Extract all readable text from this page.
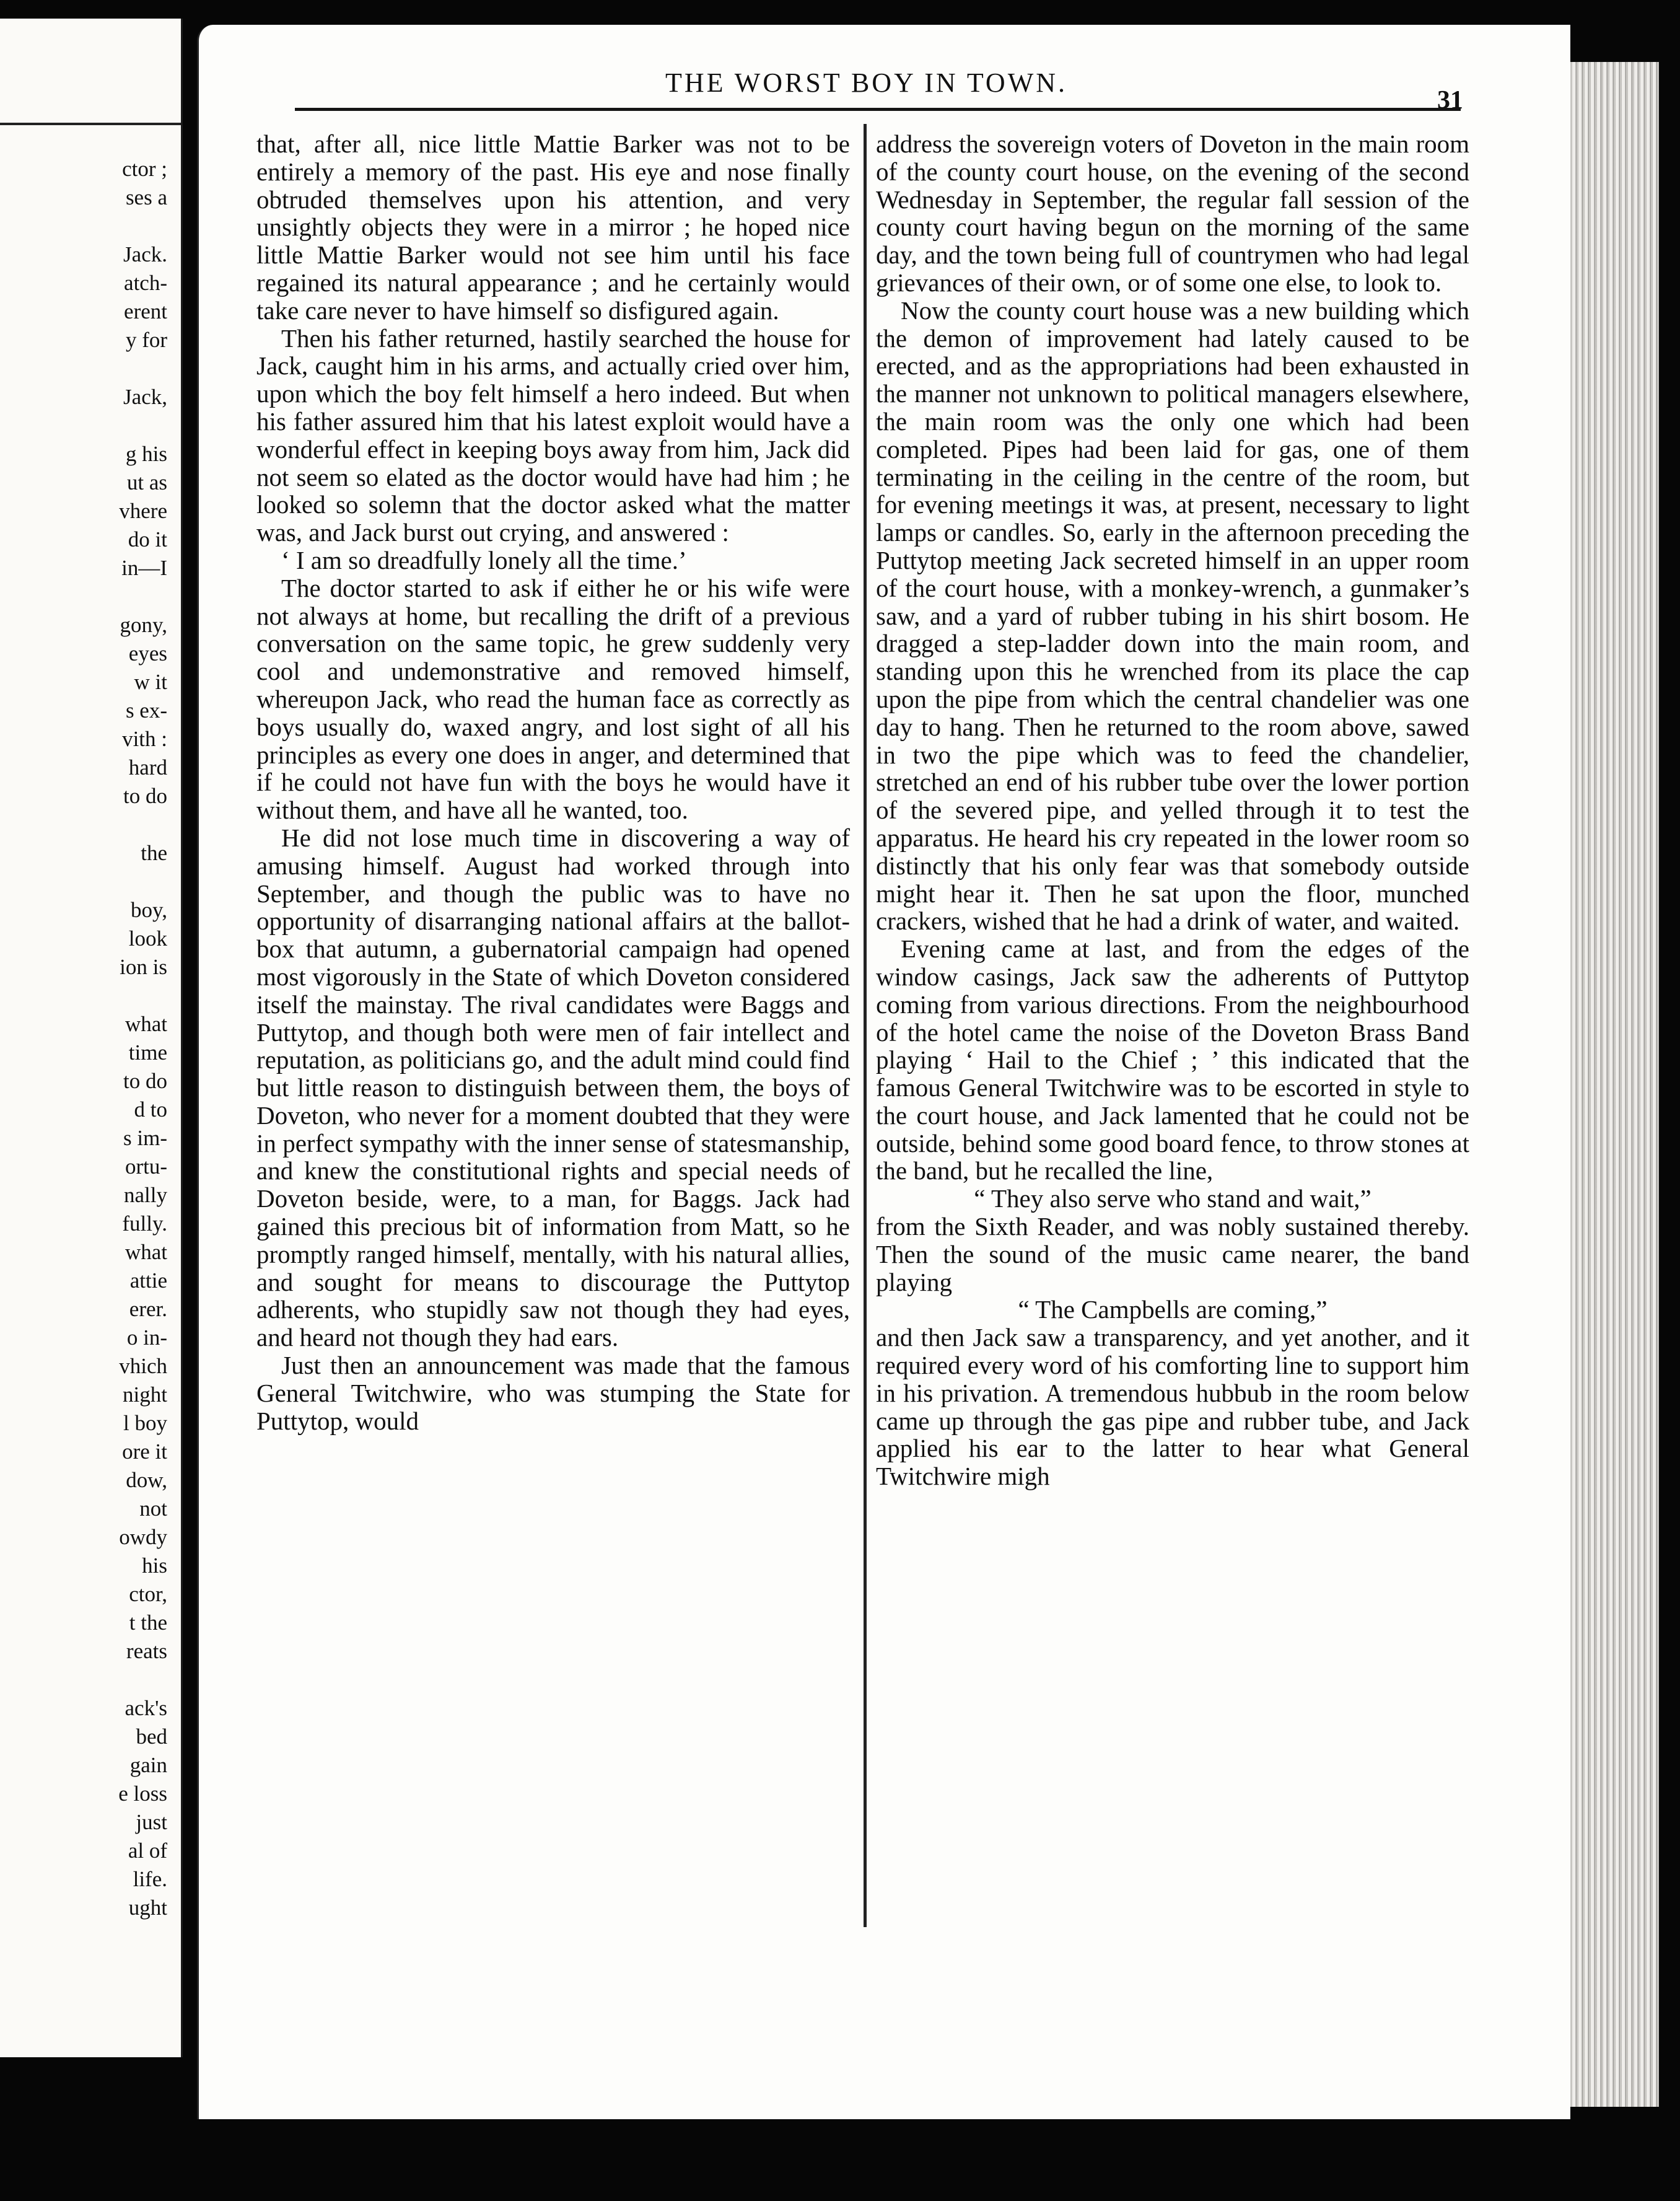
ctor ;
ses a
Jack.
atch-
erent
y for
Jack,
g his
ut as
vhere
do it
in—I
gony,
eyes
w it
s ex-
vith :
hard
to do
the
boy,
look
ion is
what
time
to do
d to
s im-
ortu-
nally
fully.
what
attie
erer.
o in-
vhich
night
l boy
ore it
dow,
not
owdy
his
ctor,
t the
reats
ack's
bed
gain
e loss
just
al of
life.
ught
THE WORST BOY IN TOWN.
31

that, after all, nice little Mattie Barker was not to be entirely a memory of the past. His eye and nose finally obtruded themselves upon his attention, and very unsightly objects they were in a mirror ; he hoped nice little Mattie Barker would not see him until his face regained its natural appearance ; and he certainly would take care never to have himself so disfigured again.

Then his father returned, hastily searched the house for Jack, caught him in his arms, and actually cried over him, upon which the boy felt himself a hero indeed. But when his father assured him that his latest exploit would have a wonderful effect in keeping boys away from him, Jack did not seem so elated as the doctor would have had him ; he looked so solemn that the doctor asked what the matter was, and Jack burst out crying, and answered :

‘ I am so dreadfully lonely all the time.’

The doctor started to ask if either he or his wife were not always at home, but recalling the drift of a previous conversation on the same topic, he grew suddenly very cool and undemonstrative and removed himself, whereupon Jack, who read the human face as correctly as boys usually do, waxed angry, and lost sight of all his principles as every one does in anger, and determined that if he could not have fun with the boys he would have it without them, and have all he wanted, too.

He did not lose much time in discovering a way of amusing himself. August had worked through into September, and though the public was to have no opportunity of disarranging national affairs at the ballot-box that autumn, a gubernatorial campaign had opened most vigorously in the State of which Doveton considered itself the mainstay. The rival candidates were Baggs and Puttytop, and though both were men of fair intellect and reputation, as politicians go, and the adult mind could find but little reason to distinguish between them, the boys of Doveton, who never for a moment doubted that they were in perfect sympathy with the inner sense of statesmanship, and knew the constitutional rights and special needs of Doveton beside, were, to a man, for Baggs. Jack had gained this precious bit of information from Matt, so he promptly ranged himself, mentally, with his natural allies, and sought for means to discourage the Puttytop adherents, who stupidly saw not though they had eyes, and heard not though they had ears.

Just then an announcement was made that the famous General Twitchwire, who was stumping the State for Puttytop, would

address the sovereign voters of Doveton in the main room of the county court house, on the evening of the second Wednesday in September, the regular fall session of the county court having begun on the morning of the same day, and the town being full of countrymen who had legal grievances of their own, or of some one else, to look to.

Now the county court house was a new building which the demon of improvement had lately caused to be erected, and as the appropriations had been exhausted in the manner not unknown to political managers elsewhere, the main room was the only one which had been completed. Pipes had been laid for gas, one of them terminating in the ceiling in the centre of the room, but for evening meetings it was, at present, necessary to light lamps or candles. So, early in the afternoon preceding the Puttytop meeting Jack secreted himself in an upper room of the court house, with a monkey-wrench, a gunmaker’s saw, and a yard of rubber tubing in his shirt bosom. He dragged a step-ladder down into the main room, and standing upon this he wrenched from its place the cap upon the pipe from which the central chandelier was one day to hang. Then he returned to the room above, sawed in two the pipe which was to feed the chandelier, stretched an end of his rubber tube over the lower portion of the severed pipe, and yelled through it to test the apparatus. He heard his cry repeated in the lower room so distinctly that his only fear was that somebody outside might hear it. Then he sat upon the floor, munched crackers, wished that he had a drink of water, and waited.

Evening came at last, and from the edges of the window casings, Jack saw the adherents of Puttytop coming from various directions. From the neighbourhood of the hotel came the noise of the Doveton Brass Band playing ‘ Hail to the Chief ; ’ this indicated that the famous General Twitchwire was to be escorted in style to the court house, and Jack lamented that he could not be outside, behind some good board fence, to throw stones at the band, but he recalled the line,

“ They also serve who stand and wait,”

from the Sixth Reader, and was nobly sustained thereby. Then the sound of the music came nearer, the band playing

“ The Campbells are coming,”

and then Jack saw a transparency, and yet another, and it required every word of his comforting line to support him in his privation. A tremendous hubbub in the room below came up through the gas pipe and rubber tube, and Jack applied his ear to the latter to hear what General Twitchwire migh
